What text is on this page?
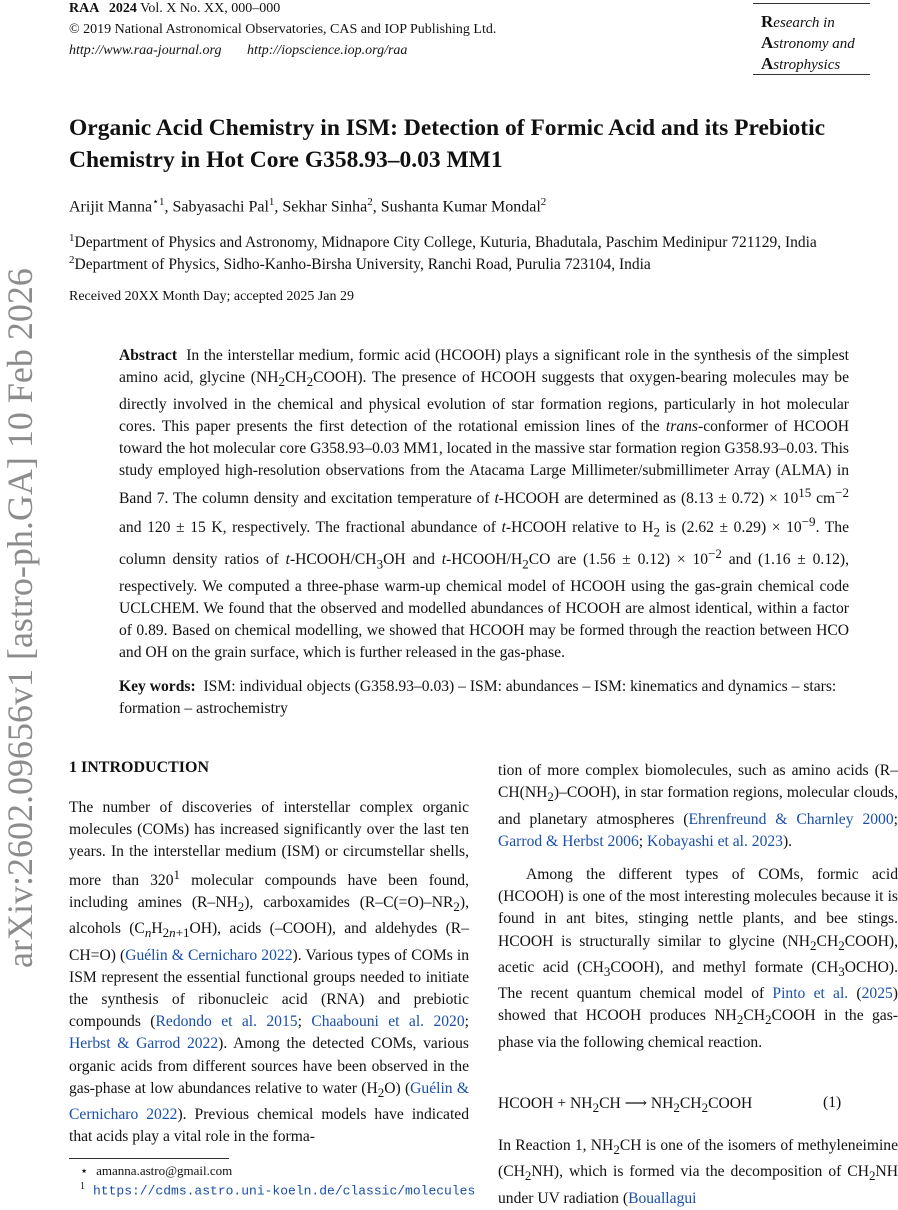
arXiv:2602.09656v1 [astro-ph.GA] 10 Feb 2026
RAA 2024 Vol. X No. XX, 000–000
© 2019 National Astronomical Observatories, CAS and IOP Publishing Ltd.
http://www.raa-journal.org http://iopscience.iop.org/raa
Research in
Astronomy and
Astrophysics
Organic Acid Chemistry in ISM: Detection of Formic Acid and its Prebiotic
Chemistry in Hot Core G358.93–0.03 MM1
Arijit Manna$^{⋆1}$, Sabyasachi Pal$^1$, Sekhar Sinha$^2$, Sushanta Kumar Mondal$^2$
$^1$Department of Physics and Astronomy, Midnapore City College, Kuturia, Bhadutala, Paschim Medinipur 721129, India
$^2$Department of Physics, Sidho-Kanho-Birsha University, Ranchi Road, Purulia 723104, India
Received 20XX Month Day; accepted 2025 Jan 29
Abstract  In the interstellar medium, formic acid (HCOOH) plays a significant role in the synthesis of the simplest amino acid, glycine $(NH_2CH_2COOH)$. The presence of HCOOH suggests that oxygen-bearing molecules may be directly involved in the chemical and physical evolution of star formation regions, particularly in hot molecular cores. This paper presents the first detection of the rotational emission lines of the trans-conformer of HCOOH toward the hot molecular core G358.93–0.03 MM1, located in the massive star formation region G358.93–0.03. This study employed high-resolution observations from the Atacama Large Millimeter/submillimeter Array (ALMA) in Band 7. The column density and excitation temperature of t-HCOOH are determined as $(8.13 \pm 0.72) \times 10^{15}$ $cm^{-2}$ and 120 ± 15 K, respectively. The fractional abundance of t-HCOOH relative to $H_2$ is $(2.62 \pm 0.29) \times 10^{-9}$. The column density ratios of $t-HCOOH/CH_3OH$ and $t-HCOOH/H_2CO$ are $(1.56 \pm 0.12) \times 10^{-2}$ and (1.16 ± 0.12), respectively. We computed a three-phase warm-up chemical model of HCOOH using the gas-grain chemical code UCLCHEM. We found that the observed and modelled abundances of HCOOH are almost identical, within a factor of 0.89. Based on chemical modelling, we showed that HCOOH may be formed through the reaction between HCO and OH on the grain surface, which is further released in the gas-phase.
Key words: ISM: individual objects (G358.93–0.03) – ISM: abundances – ISM: kinematics and dynamics – stars: formation – astrochemistry
1 INTRODUCTION
The number of discoveries of interstellar complex organic molecules (COMs) has increased significantly over the last ten years. In the interstellar medium (ISM) or circumstellar shells, more than $320^1$ molecular compounds have been found, including amines $(R-NH_2)$, carboxamides $(R-C(=O)-NR_2)$, alcohols $(C_nH_{2n+1}OH)$, acids (–COOH), and aldehydes (R–CH=O) (Guélin & Cernicharo 2022). Various types of COMs in ISM represent the essential functional groups needed to initiate the synthesis of ribonucleic acid (RNA) and prebiotic compounds (Redondo et al. 2015; Chaabouni et al. 2020; Herbst & Garrod 2022). Among the detected COMs, various organic acids from different sources have been observed in the gas-phase at low abundances relative to water $(H_2O)$ (Guélin & Cernicharo 2022). Previous chemical models have indicated that acids play a vital role in the forma-
tion of more complex biomolecules, such as amino acids $(R-CH(NH_2)-COOH)$, in star formation regions, molecular clouds, and planetary atmospheres (Ehrenfreund & Charnley 2000; Garrod & Herbst 2006; Kobayashi et al. 2023).
Among the different types of COMs, formic acid (HCOOH) is one of the most interesting molecules because it is found in ant bites, stinging nettle plants, and bee stings. HCOOH is structurally similar to glycine $(NH_2CH_2COOH)$, acetic acid $(CH_3COOH)$, and methyl formate $(CH_3OCHO)$. The recent quantum chemical model of Pinto et al. (2025) showed that HCOOH produces $NH_2CH_2COOH$ in the gas-phase via the following chemical reaction.
HCOOH + $NH_2CH$ ⟶ $NH_2CH_2COOH$	(1)
In Reaction 1, $NH_2CH$ is one of the isomers of methyleneimine $(CH_2NH)$, which is formed via the decomposition of $CH_2NH$ under UV radiation (Bouallagui
⋆ amanna.astro@gmail.com
$^1$ https://cdms.astro.uni-koeln.de/classic/molecules
